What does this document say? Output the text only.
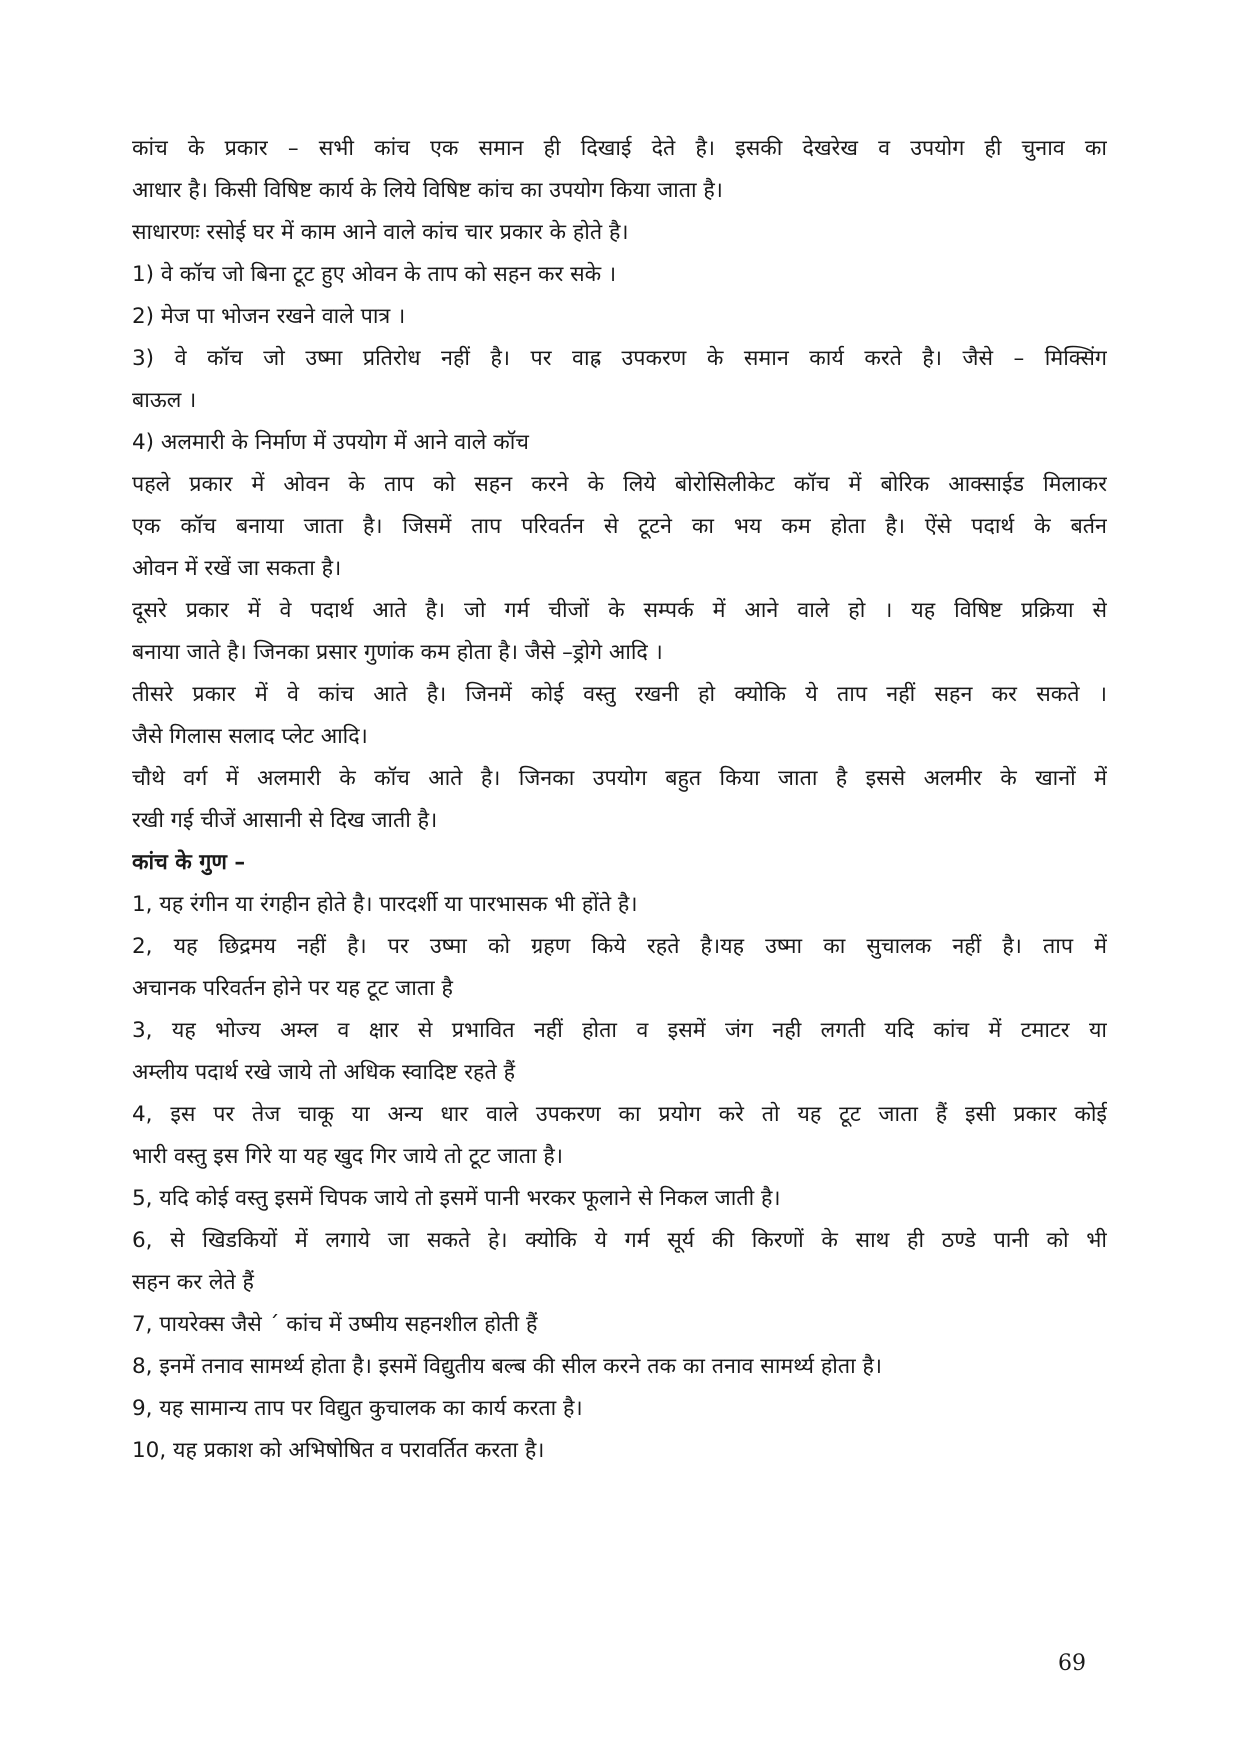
कांच के प्रकार – सभी कांच एक समान ही दिखाई देते है। इसकी देखरेख व उपयोग ही चुनाव का
आधार है। किसी विषिष्ट कार्य के लिये विषिष्ट कांच का उपयोग किया जाता है।
साधारणः रसोई घर में काम आने वाले कांच चार प्रकार के होते है।
1) वे कॉच जो बिना टूट हुए ओवन के ताप को सहन कर सके ।
2) मेज पा भोजन रखने वाले पात्र ।
3) वे कॉच जो उष्मा प्रतिरोध नहीं है। पर वाह्र उपकरण के समान कार्य करते है। जैसे – मिक्सिंग
बाऊल ।
4) अलमारी के निर्माण में उपयोग में आने वाले कॉच
पहले प्रकार में ओवन के ताप को सहन करने के लिये बोरोसिलीकेट कॉच में बोरिक आक्साईड मिलाकर
एक कॉच बनाया जाता है। जिसमें ताप परिवर्तन से टूटने का भय कम होता है। ऐंसे पदार्थ के बर्तन
ओवन में रखें जा सकता है।
दूसरे प्रकार में वे पदार्थ आते है। जो गर्म चीजों के सम्पर्क में आने वाले हो । यह विषिष्ट प्रक्रिया से
बनाया जाते है। जिनका प्रसार गुणांक कम होता है। जैसे –ड्रोगे आदि ।
तीसरे प्रकार में वे कांच आते है। जिनमें कोई वस्तु रखनी हो क्योकि ये ताप नहीं सहन कर सकते ।
जैसे गिलास सलाद प्लेट आदि।
चौथे वर्ग में अलमारी के कॉच आते है। जिनका उपयोग बहुत किया जाता है इससे अलमीर के खानों में
रखी गई चीजें आसानी से दिख जाती है।
कांच के गुण –
1, यह रंगीन या रंगहीन होते है। पारदर्शी या पारभासक भी होंते है।
2, यह छिद्रमय नहीं है। पर उष्मा को ग्रहण किये रहते है।यह उष्मा का सुचालक नहीं है। ताप में
अचानक परिवर्तन होने पर यह टूट जाता है
3, यह भोज्य अम्ल व क्षार से प्रभावित नहीं होता व इसमें जंग नही लगती यदि कांच में टमाटर या
अम्लीय पदार्थ रखे जाये तो अधिक स्वादिष्ट रहते हैं
4, इस पर तेज चाकू या अन्य धार वाले उपकरण का प्रयोग करे तो यह टूट जाता हैं इसी प्रकार कोई
भारी वस्तु इस गिरे या यह खुद गिर जाये तो टूट जाता है।
5, यदि कोई वस्तु इसमें चिपक जाये तो इसमें पानी भरकर फूलाने से निकल जाती है।
6, से खिडकियों में लगाये जा सकते हे। क्योकि ये गर्म सूर्य की किरणों के साथ ही ठण्डे पानी को भी
सहन कर लेते हैं
7, पायरेक्स जैसे ´ कांच में उष्मीय सहनशील होती हैं
8, इनमें तनाव सामर्थ्य होता है। इसमें विद्युतीय बल्ब की सील करने तक का तनाव सामर्थ्य होता है।
9, यह सामान्य ताप पर विद्युत कुचालक का कार्य करता है।
10, यह प्रकाश को अभिषोषित व परावर्तित करता है।
69
